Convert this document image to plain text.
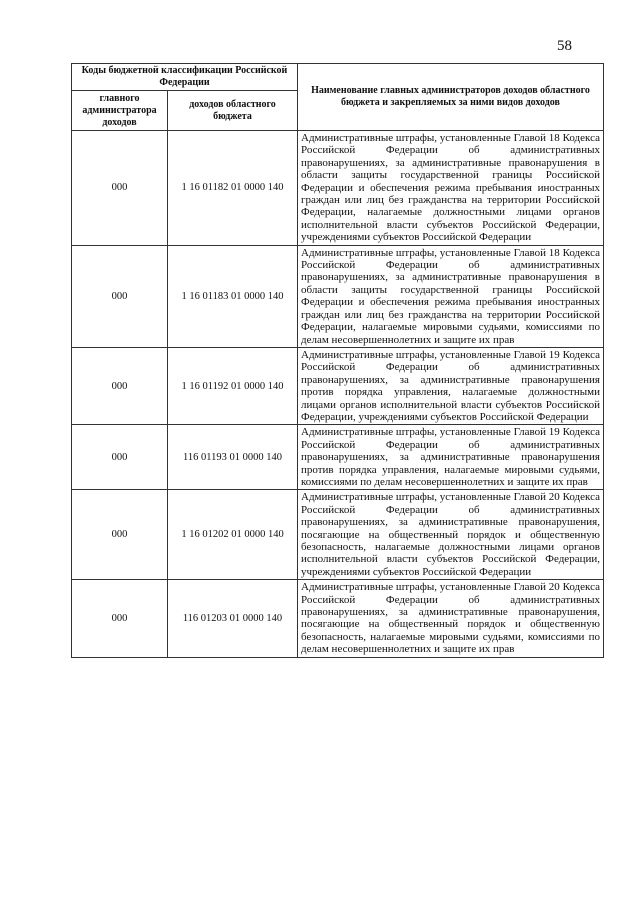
58
Коды бюджетной классификации Российской Федерации		Наименование главных администраторов доходов областного бюджета и закрепляемых за ними видов доходов
главного администратора доходов	доходов областного бюджета	
000	1 16 01182 01 0000 140	Административные штрафы, установленные Главой 18 Кодекса Российской Федерации об административных правонарушениях, за административные правонарушения в области защиты государственной границы Российской Федерации и обеспечения режима пребывания иностранных граждан или лиц без гражданства на территории Российской Федерации, налагаемые должностными лицами органов исполнительной власти субъектов Российской Федерации, учреждениями субъектов Российской Федерации
000	1 16 01183 01 0000 140	Административные штрафы, установленные Главой 18 Кодекса Российской Федерации об административных правонарушениях, за административные правонарушения в области защиты государственной границы Российской Федерации и обеспечения режима пребывания иностранных граждан или лиц без гражданства на территории Российской Федерации, налагаемые мировыми судьями, комиссиями по делам несовершеннолетних и защите их прав
000	1 16 01192 01 0000 140	Административные штрафы, установленные Главой 19 Кодекса Российской Федерации об административных правонарушениях, за административные правонарушения против порядка управления, налагаемые должностными лицами органов исполнительной власти субъектов Российской Федерации, учреждениями субъектов Российской Федерации
000	116 01193 01 0000 140	Административные штрафы, установленные Главой 19 Кодекса Российской Федерации об административных правонарушениях, за административные правонарушения против порядка управления, налагаемые мировыми судьями, комиссиями по делам несовершеннолетних и защите их прав
000	1 16 01202 01 0000 140	Административные штрафы, установленные Главой 20 Кодекса Российской Федерации об административных правонарушениях, за административные правонарушения, посягающие на общественный порядок и общественную безопасность, налагаемые должностными лицами органов исполнительной власти субъектов Российской Федерации, учреждениями субъектов Российской Федерации
000	116 01203 01 0000 140	Административные штрафы, установленные Главой 20 Кодекса Российской Федерации об административных правонарушениях, за административные правонарушения, посягающие на общественный порядок и общественную безопасность, налагаемые мировыми судьями, комиссиями по делам несовершеннолетних и защите их прав
